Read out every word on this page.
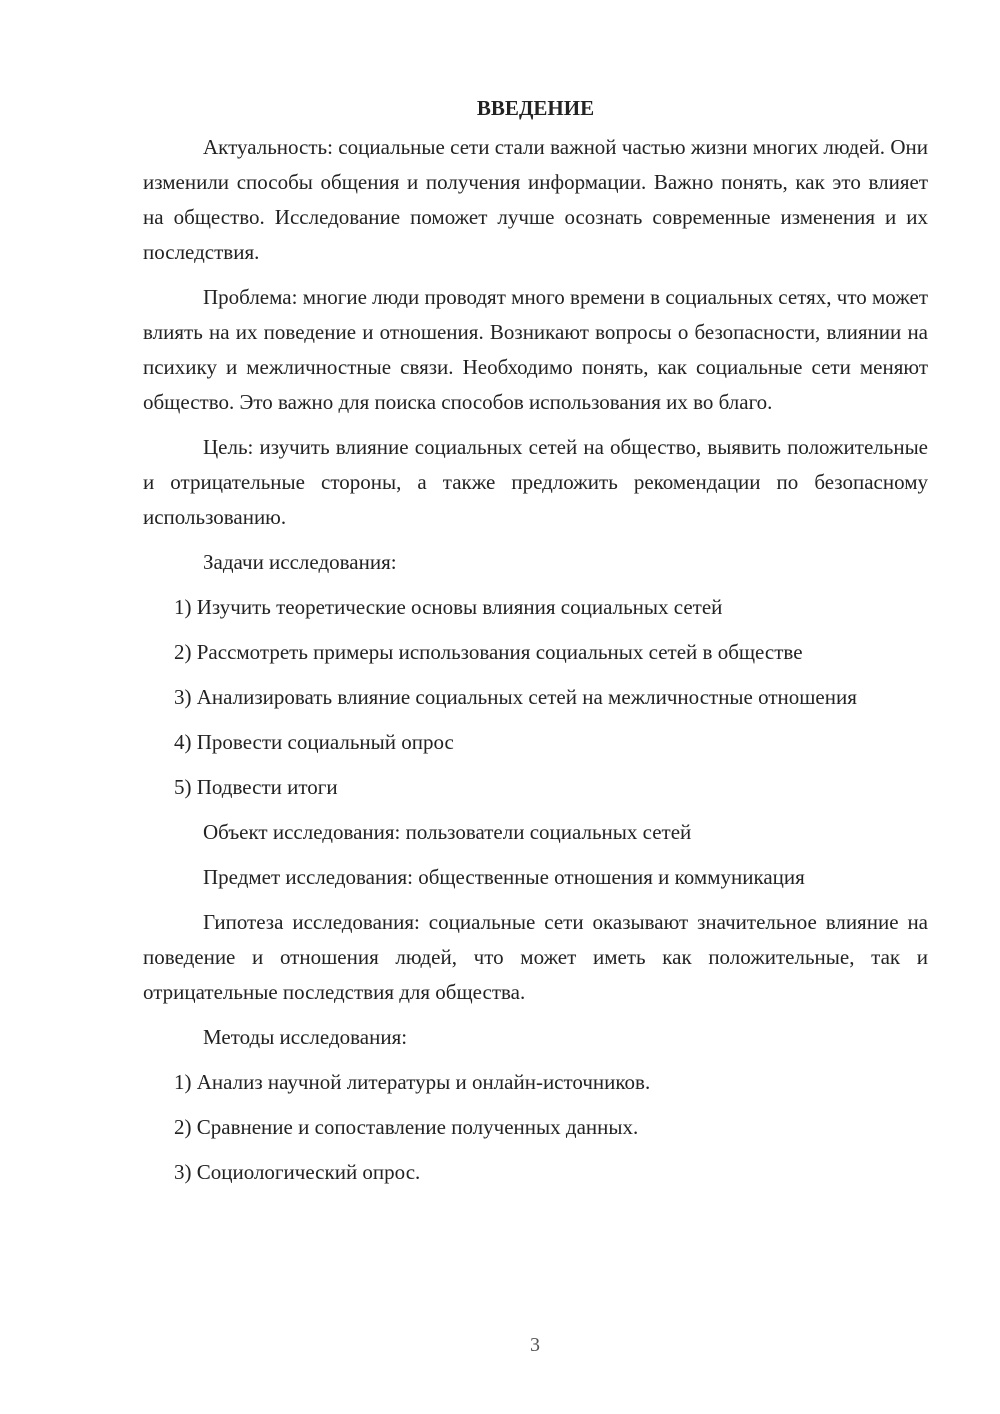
ВВЕДЕНИЕ
Актуальность: социальные сети стали важной частью жизни многих людей. Они изменили способы общения и получения информации. Важно понять, как это влияет на общество. Исследование поможет лучше осознать современные изменения и их последствия.
Проблема: многие люди проводят много времени в социальных сетях, что может влиять на их поведение и отношения. Возникают вопросы о безопасности, влиянии на психику и межличностные связи. Необходимо понять, как социальные сети меняют общество. Это важно для поиска способов использования их во благо.
Цель: изучить влияние социальных сетей на общество, выявить положительные и отрицательные стороны, а также предложить рекомендации по безопасному использованию.
Задачи исследования:
1) Изучить теоретические основы влияния социальных сетей
2) Рассмотреть примеры использования социальных сетей в обществе
3) Анализировать влияние социальных сетей на межличностные отношения
4) Провести социальный опрос
5) Подвести итоги
Объект исследования: пользователи социальных сетей
Предмет исследования: общественные отношения и коммуникация
Гипотеза исследования: социальные сети оказывают значительное влияние на поведение и отношения людей, что может иметь как положительные, так и отрицательные последствия для общества.
Методы исследования:
1) Анализ научной литературы и онлайн-источников.
2) Сравнение и сопоставление полученных данных.
3) Социологический опрос.
3
